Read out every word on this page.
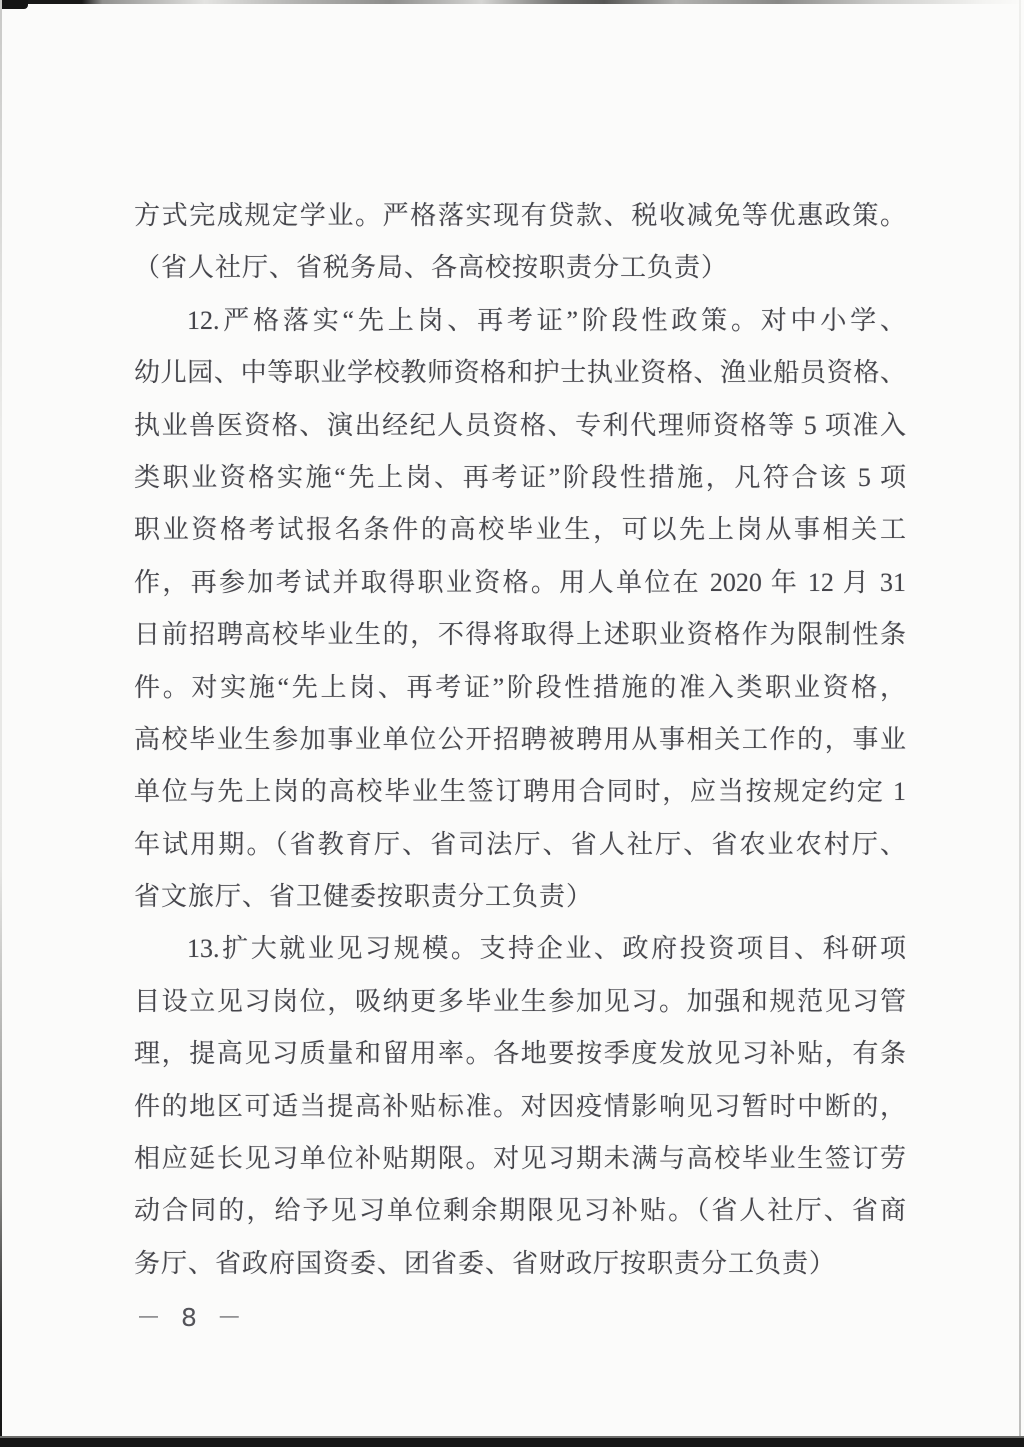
方式完成规定学业。严格落实现有贷款、税收减免等优惠政策。
（省人社厅、省税务局、各高校按职责分工负责）
12.严格落实“先上岗、再考证”阶段性政策。对中小学、
幼儿园、中等职业学校教师资格和护士执业资格、渔业船员资格、
执业兽医资格、演出经纪人员资格、专利代理师资格等 5 项准入
类职业资格实施“先上岗、再考证”阶段性措施，凡符合该 5 项
职业资格考试报名条件的高校毕业生，可以先上岗从事相关工
作，再参加考试并取得职业资格。用人单位在 2020 年 12 月 31
日前招聘高校毕业生的，不得将取得上述职业资格作为限制性条
件。对实施“先上岗、再考证”阶段性措施的准入类职业资格，
高校毕业生参加事业单位公开招聘被聘用从事相关工作的，事业
单位与先上岗的高校毕业生签订聘用合同时，应当按规定约定 1
年试用期。（省教育厅、省司法厅、省人社厅、省农业农村厅、
省文旅厅、省卫健委按职责分工负责）
13.扩大就业见习规模。支持企业、政府投资项目、科研项
目设立见习岗位，吸纳更多毕业生参加见习。加强和规范见习管
理，提高见习质量和留用率。各地要按季度发放见习补贴，有条
件的地区可适当提高补贴标准。对因疫情影响见习暂时中断的，
相应延长见习单位补贴期限。对见习期未满与高校毕业生签订劳
动合同的，给予见习单位剩余期限见习补贴。（省人社厅、省商
务厅、省政府国资委、团省委、省财政厅按职责分工负责）
－ 8 －
